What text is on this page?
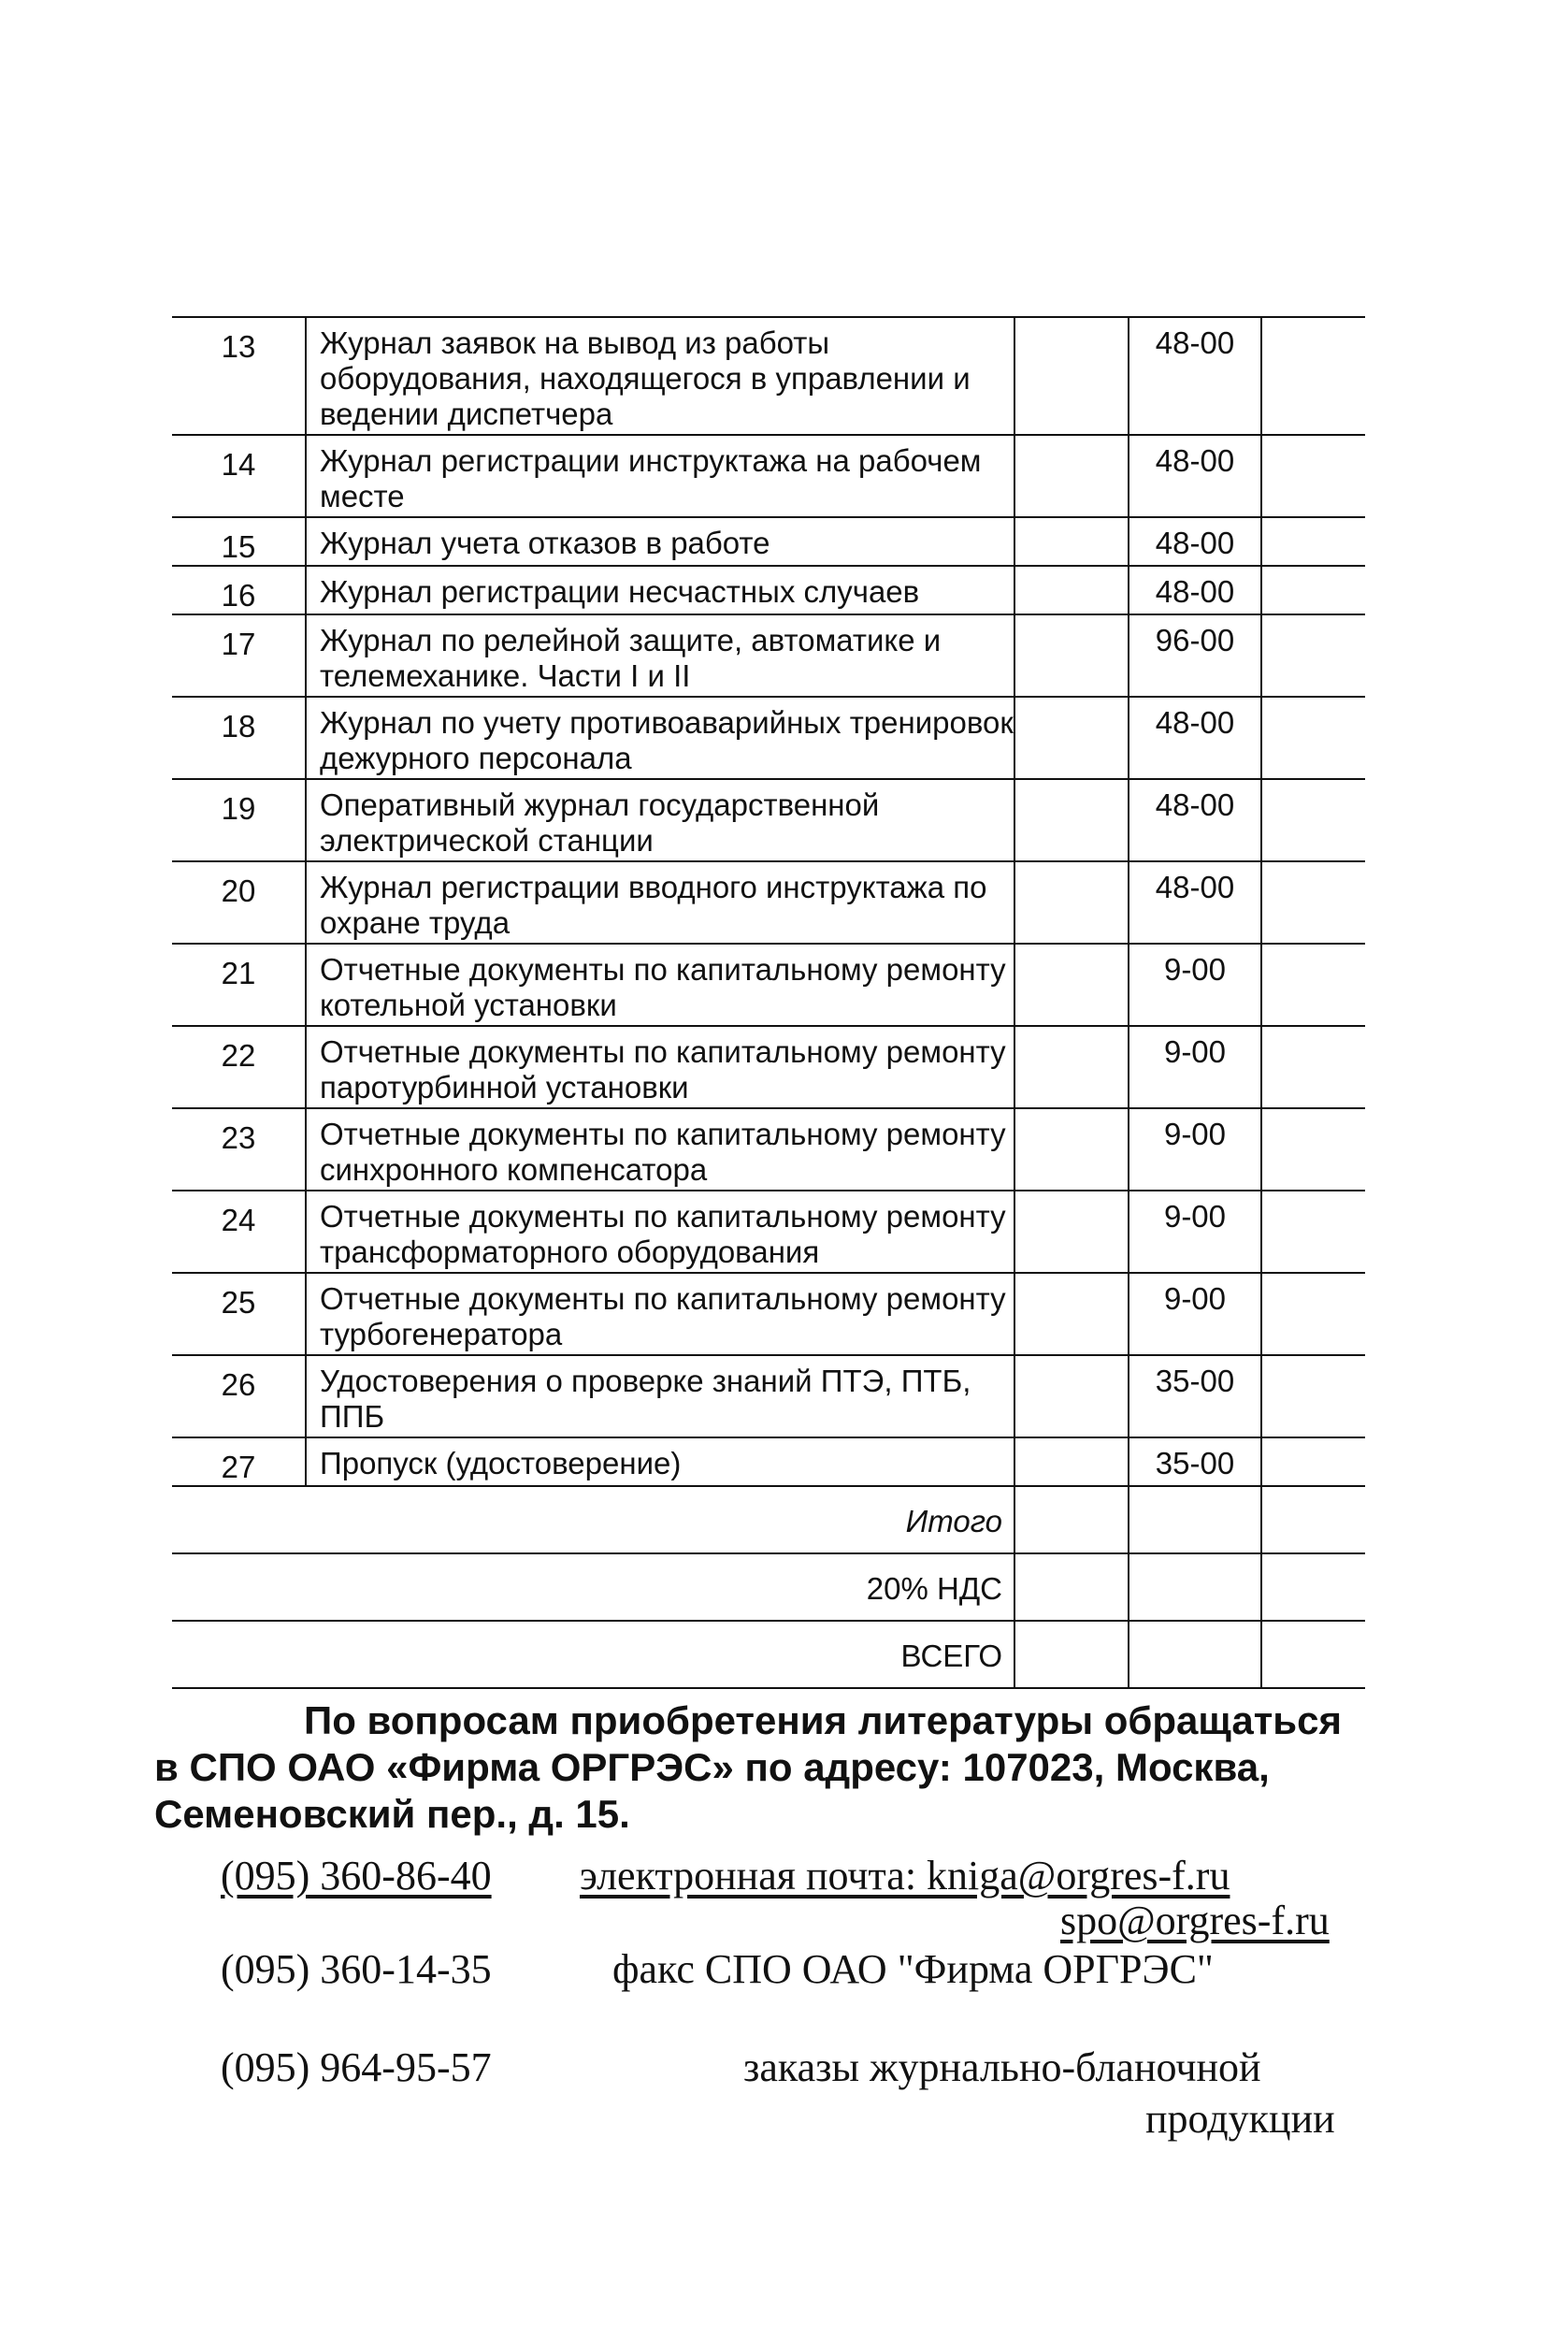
13	Журнал заявок на вывод из работы оборудования, находящегося в управлении и ведении диспетчера		48-00	
14	Журнал регистрации инструктажа на рабочем месте		48-00	
15	Журнал учета отказов в работе		48-00	
16	Журнал регистрации несчастных случаев		48-00	
17	Журнал по релейной защите, автоматике и телемеханике. Части I и II		96-00	
18	Журнал по учету противоаварийных тренировок дежурного персонала		48-00	
19	Оперативный журнал государственной электрической станции		48-00	
20	Журнал регистрации вводного инструктажа по охране труда		48-00	
21	Отчетные документы по капитальному ремонту котельной установки		9-00	
22	Отчетные документы по капитальному ремонту паротурбинной установки		9-00	
23	Отчетные документы по капитальному ремонту синхронного компенсатора		9-00	
24	Отчетные документы по капитальному ремонту трансформаторного оборудования		9-00	
25	Отчетные документы по капитальному ремонту турбогенератора		9-00	
26	Удостоверения о проверке знаний ПТЭ, ПТБ, ППБ		35-00	
27	Пропуск (удостоверение)		35-00	

Итого				

20% НДС				

ВСЕГО				

По вопросам приобретения литературы обращаться
в СПО ОАО «Фирма ОРГРЭС» по адресу: 107023, Москва,
Семеновский пер., д. 15.
(095) 360-86-40 электронная почта: kniga@orgres-f.ru
spo@orgres-f.ru
(095) 360-14-35	факс СПО ОАО "Фирма ОРГРЭС"
(095) 964-95-57	заказы журнально-бланочной
продукции
